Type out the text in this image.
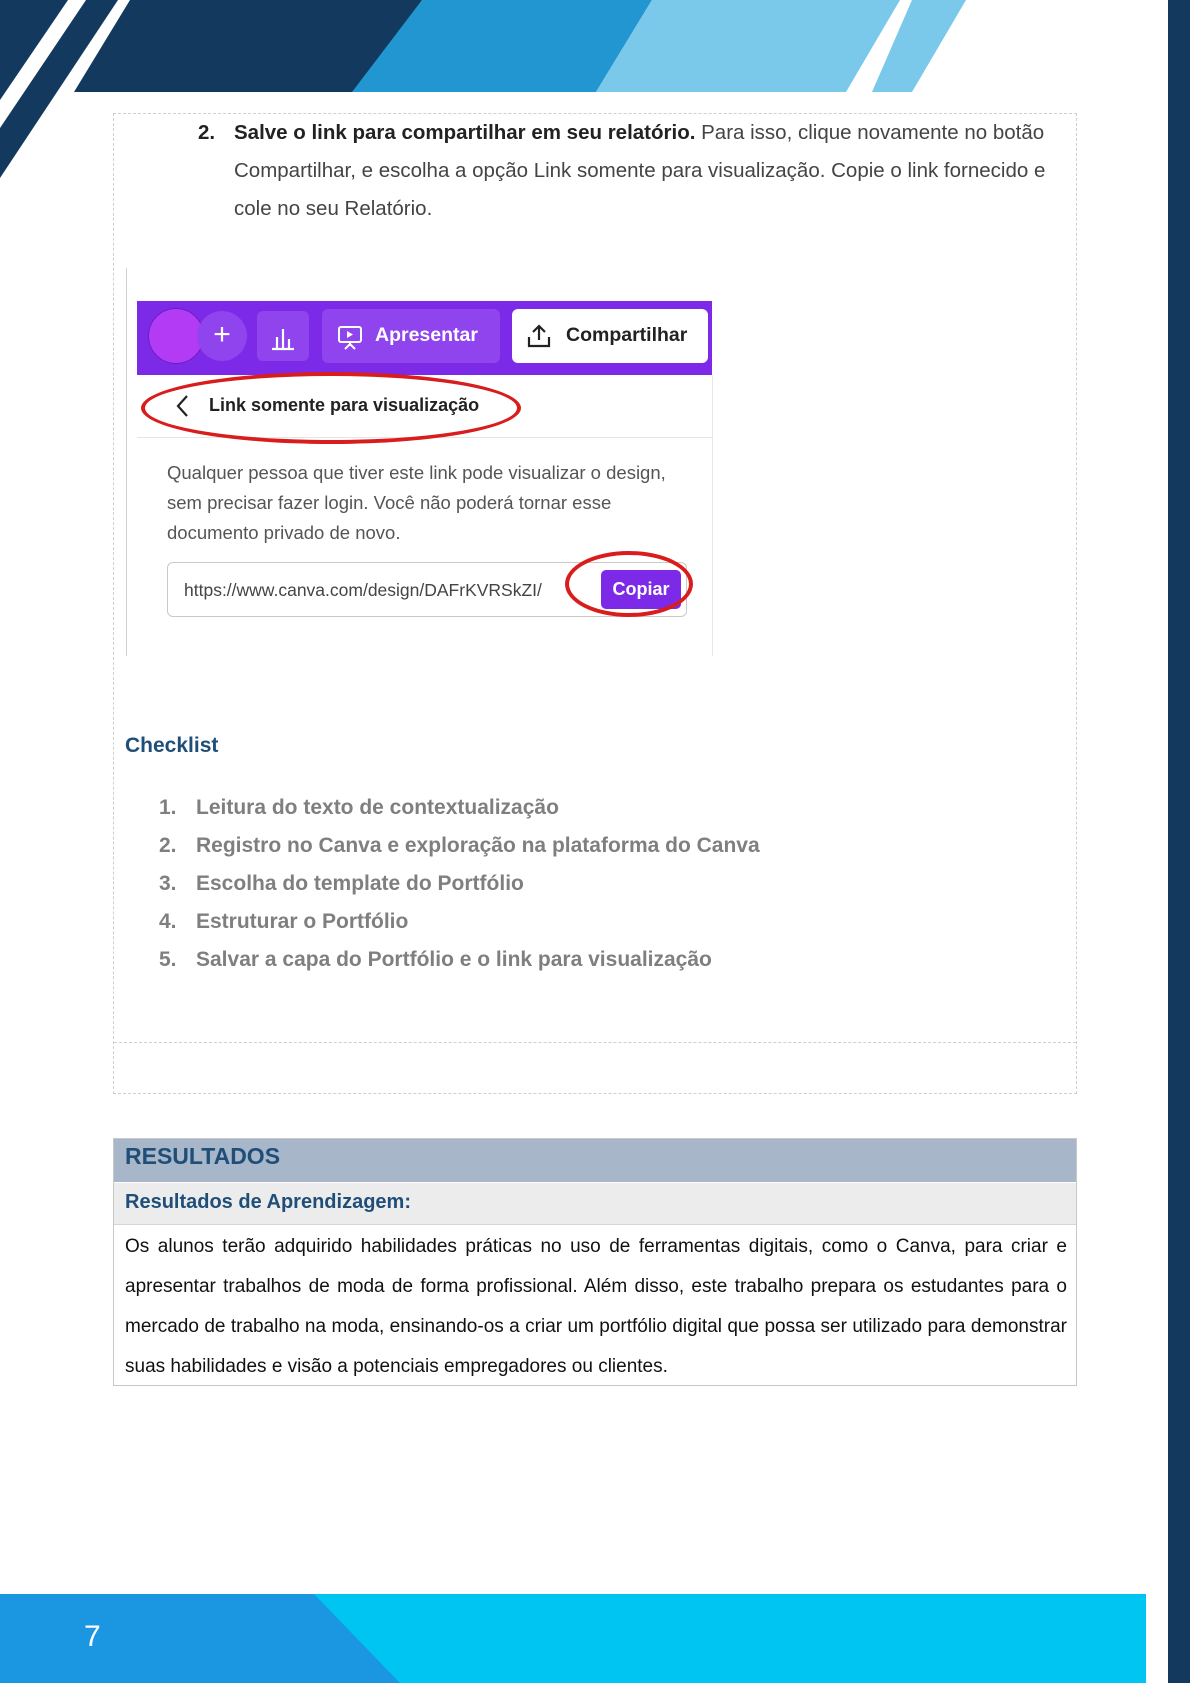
2. Salve o link para compartilhar em seu relatório. Para isso, clique novamente no botão Compartilhar, e escolha a opção Link somente para visualização. Copie o link fornecido e cole no seu Relatório.
+	Apresentar	Compartilhar
Link somente para visualização
Qualquer pessoa que tiver este link pode visualizar o design, sem precisar fazer login. Você não poderá tornar esse documento privado de novo.
https://www.canva.com/design/DAFrKVRSkZI/	Copiar
Checklist
1. Leitura do texto de contextualização
2. Registro no Canva e exploração na plataforma do Canva
3. Escolha do template do Portfólio
4. Estruturar o Portfólio
5. Salvar a capa do Portfólio e o link para visualização
RESULTADOS
Resultados de Aprendizagem:
Os alunos terão adquirido habilidades práticas no uso de ferramentas digitais, como o Canva, para criar e apresentar trabalhos de moda de forma profissional. Além disso, este trabalho prepara os estudantes para o mercado de trabalho na moda, ensinando-os a criar um portfólio digital que possa ser utilizado para demonstrar suas habilidades e visão a potenciais empregadores ou clientes.
7
